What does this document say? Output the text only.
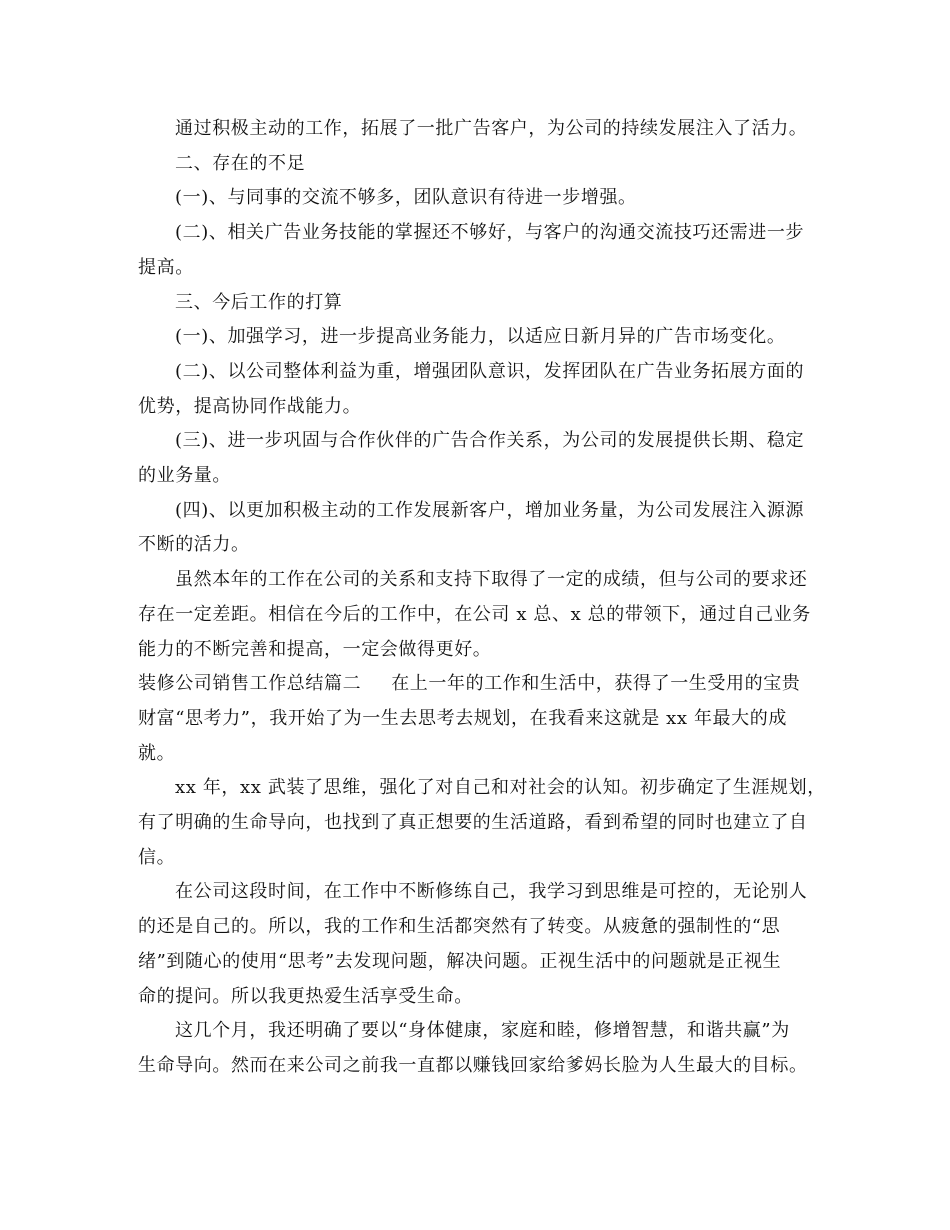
通过积极主动的工作，拓展了一批广告客户，为公司的持续发展注入了活力。

二、存在的不足

(一)、与同事的交流不够多，团队意识有待进一步增强。

(二)、相关广告业务技能的掌握还不够好，与客户的沟通交流技巧还需进一步

提高。

三、今后工作的打算

(一)、加强学习，进一步提高业务能力，以适应日新月异的广告市场变化。

(二)、以公司整体利益为重，增强团队意识，发挥团队在广告业务拓展方面的

优势，提高协同作战能力。

(三)、进一步巩固与合作伙伴的广告合作关系，为公司的发展提供长期、稳定

的业务量。

(四)、以更加积极主动的工作发展新客户，增加业务量，为公司发展注入源源

不断的活力。

虽然本年的工作在公司的关系和支持下取得了一定的成绩，但与公司的要求还

存在一定差距。相信在今后的工作中，在公司 x 总、x 总的带领下，通过自己业务

能力的不断完善和提高，一定会做得更好。

装修公司销售工作总结篇二 在上一年的工作和生活中，获得了一生受用的宝贵

财富“思考力”，我开始了为一生去思考去规划，在我看来这就是 xx 年最大的成

就。

xx 年，xx 武装了思维，强化了对自己和对社会的认知。初步确定了生涯规划，

有了明确的生命导向，也找到了真正想要的生活道路，看到希望的同时也建立了自

信。

在公司这段时间，在工作中不断修练自己，我学习到思维是可控的，无论别人

的还是自己的。所以，我的工作和生活都突然有了转变。从疲惫的强制性的“思

绪”到随心的使用“思考”去发现问题，解决问题。正视生活中的问题就是正视生

命的提问。所以我更热爱生活享受生命。

这几个月，我还明确了要以“身体健康，家庭和睦，修增智慧，和谐共赢”为

生命导向。然而在来公司之前我一直都以赚钱回家给爹妈长脸为人生最大的目标。
